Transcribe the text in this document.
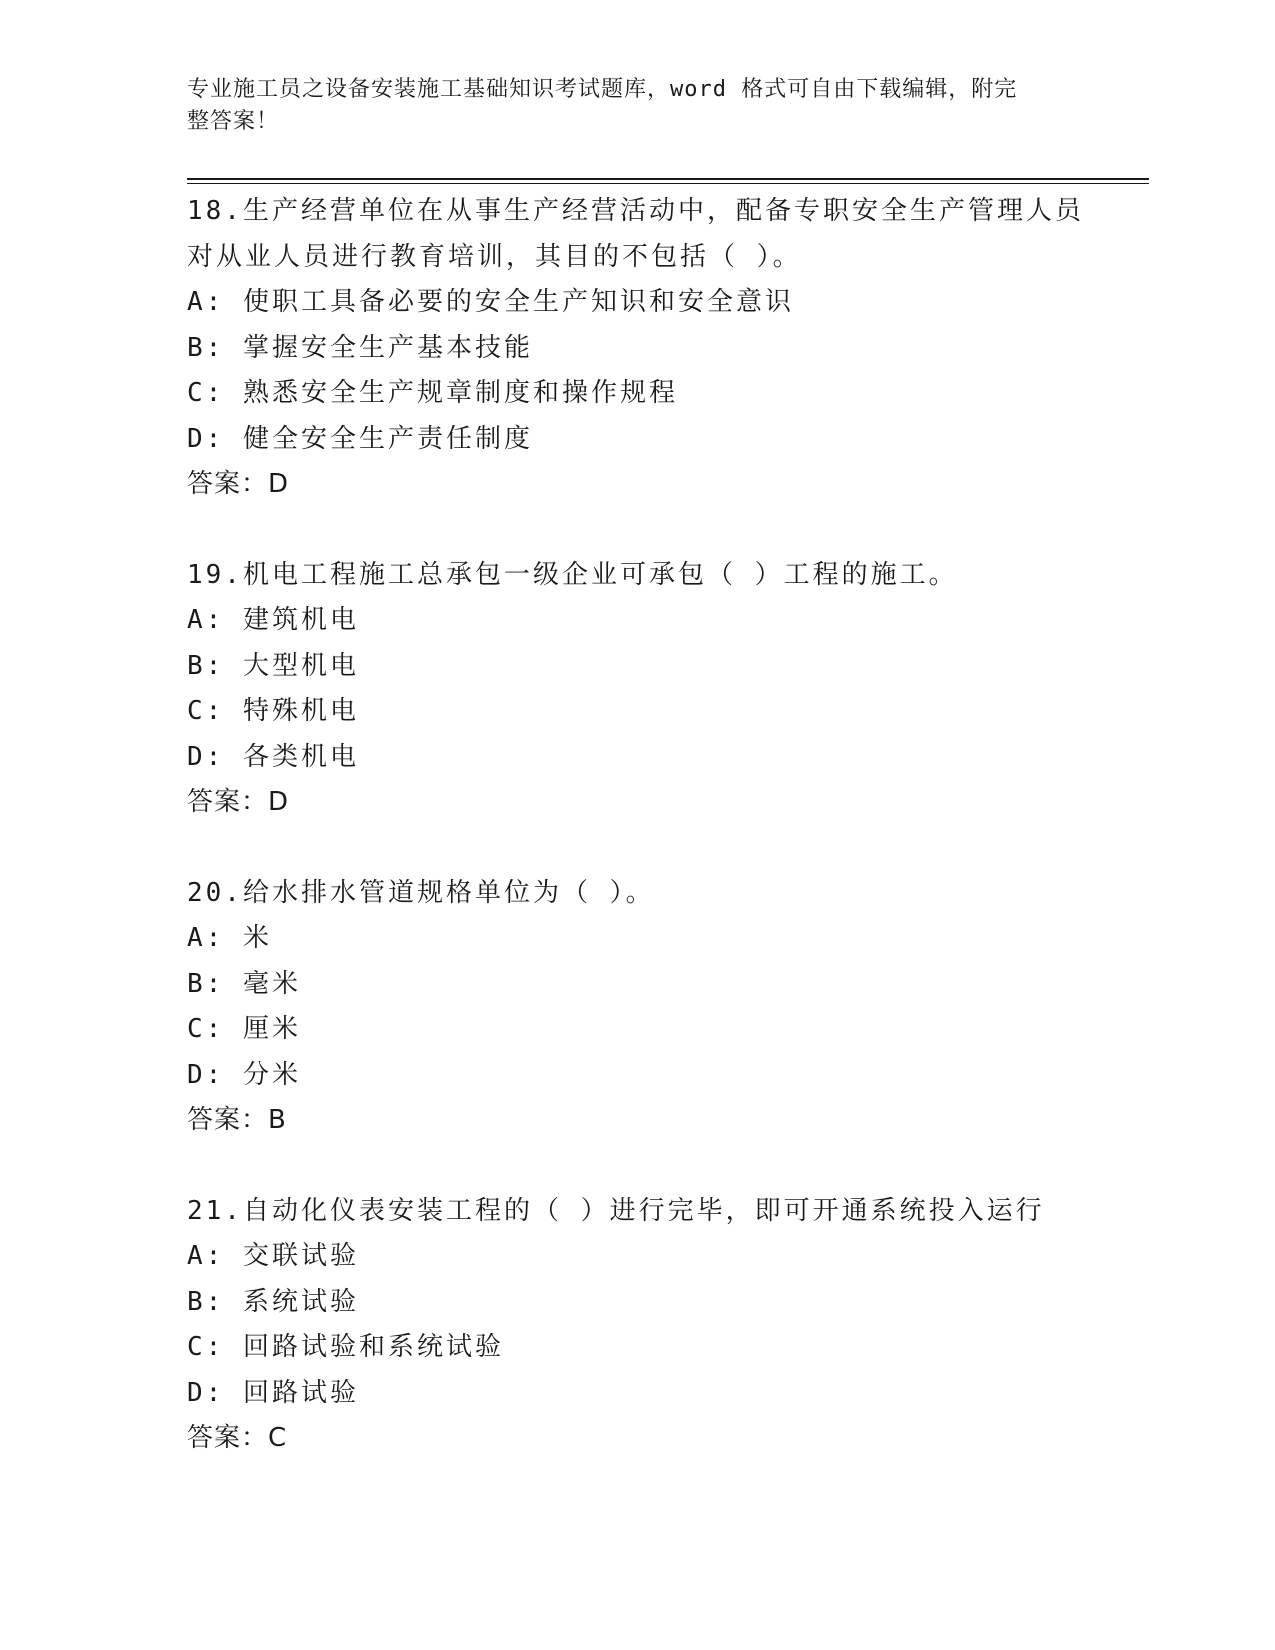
专业施工员之设备安装施工基础知识考试题库，word 格式可自由下载编辑，附完
整答案！
18.生产经营单位在从事生产经营活动中，配备专职安全生产管理人员
对从业人员进行教育培训，其目的不包括（ ）。
A: 使职工具备必要的安全生产知识和安全意识
B: 掌握安全生产基本技能
C: 熟悉安全生产规章制度和操作规程
D: 健全安全生产责任制度
答案：D
19.机电工程施工总承包一级企业可承包（ ）工程的施工。
A: 建筑机电
B: 大型机电
C: 特殊机电
D: 各类机电
答案：D
20.给水排水管道规格单位为（ ）。
A: 米
B: 毫米
C: 厘米
D: 分米
答案：B
21.自动化仪表安装工程的（ ）进行完毕，即可开通系统投入运行
A: 交联试验
B: 系统试验
C: 回路试验和系统试验
D: 回路试验
答案：C
